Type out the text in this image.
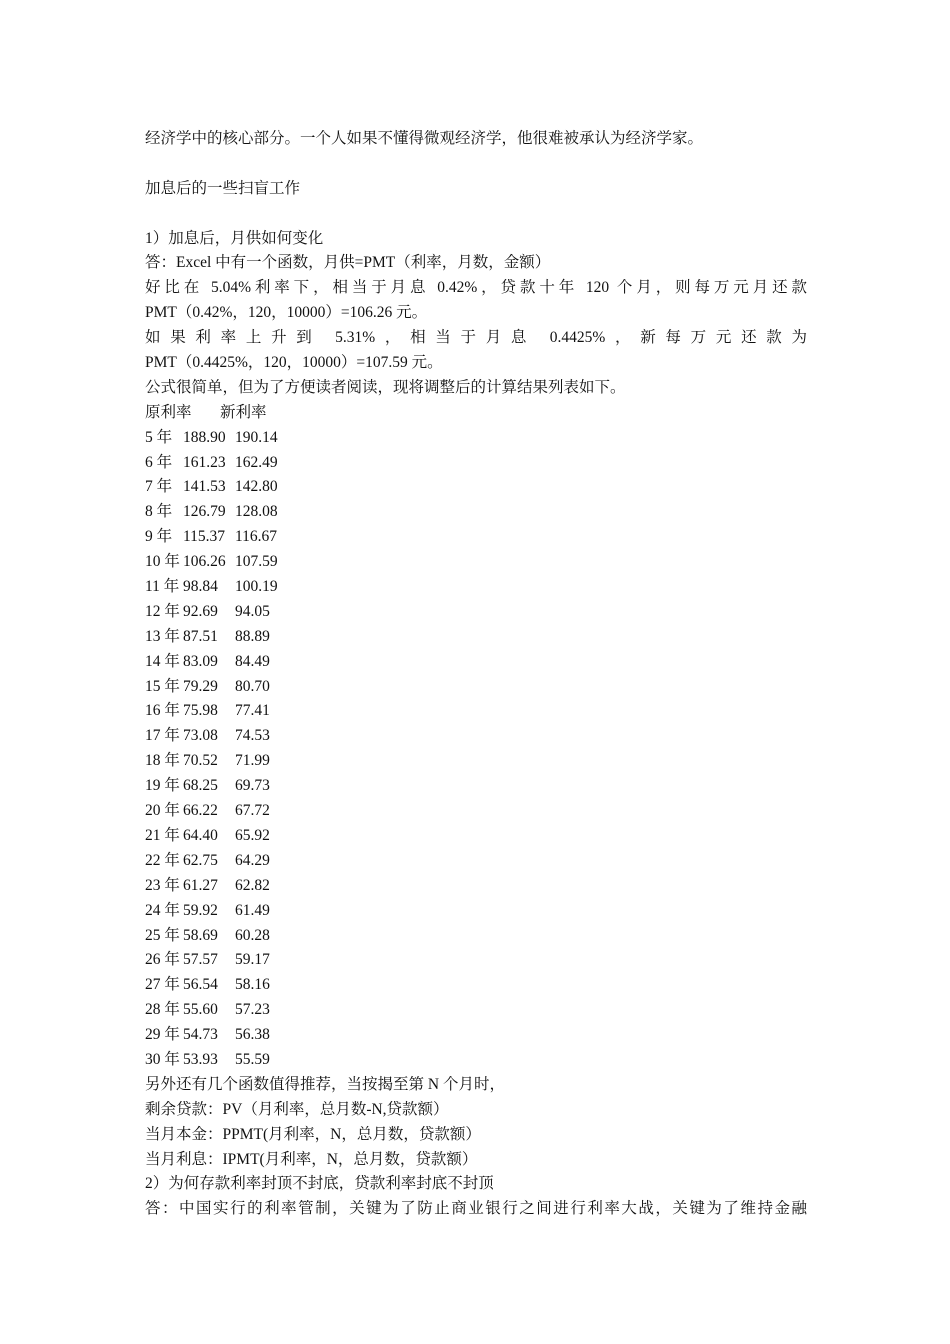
经济学中的核心部分。一个人如果不懂得微观经济学，他很难被承认为经济学家。
加息后的一些扫盲工作
1）加息后，月供如何变化
答：Excel 中有一个函数，月供=PMT（利率，月数，金额）
好比在 5.04%利率下，相当于月息 0.42%，贷款十年 120 个月，则每万元月还款
PMT（0.42%，120，10000）=106.26 元。
如果利率上升到 5.31%，相当于月息 0.4425%，新每万元还款为
PMT（0.4425%，120，10000）=107.59 元。
公式很简单，但为了方便读者阅读，现将调整后的计算结果列表如下。
原利率 新利率
5 年 188.90 190.14
6 年 161.23 162.49
7 年 141.53 142.80
8 年 126.79 128.08
9 年 115.37 116.67
10 年 106.26 107.59
11 年 98.84 100.19
12 年 92.69 94.05
13 年 87.51 88.89
14 年 83.09 84.49
15 年 79.29 80.70
16 年 75.98 77.41
17 年 73.08 74.53
18 年 70.52 71.99
19 年 68.25 69.73
20 年 66.22 67.72
21 年 64.40 65.92
22 年 62.75 64.29
23 年 61.27 62.82
24 年 59.92 61.49
25 年 58.69 60.28
26 年 57.57 59.17
27 年 56.54 58.16
28 年 55.60 57.23
29 年 54.73 56.38
30 年 53.93 55.59
另外还有几个函数值得推荐，当按揭至第 N 个月时，
剩余贷款：PV（月利率，总月数-N,贷款额）
当月本金：PPMT(月利率，N，总月数，贷款额）
当月利息：IPMT(月利率，N，总月数，贷款额）
2）为何存款利率封顶不封底，贷款利率封底不封顶
答：中国实行的利率管制，关键为了防止商业银行之间进行利率大战，关键为了维持金融
